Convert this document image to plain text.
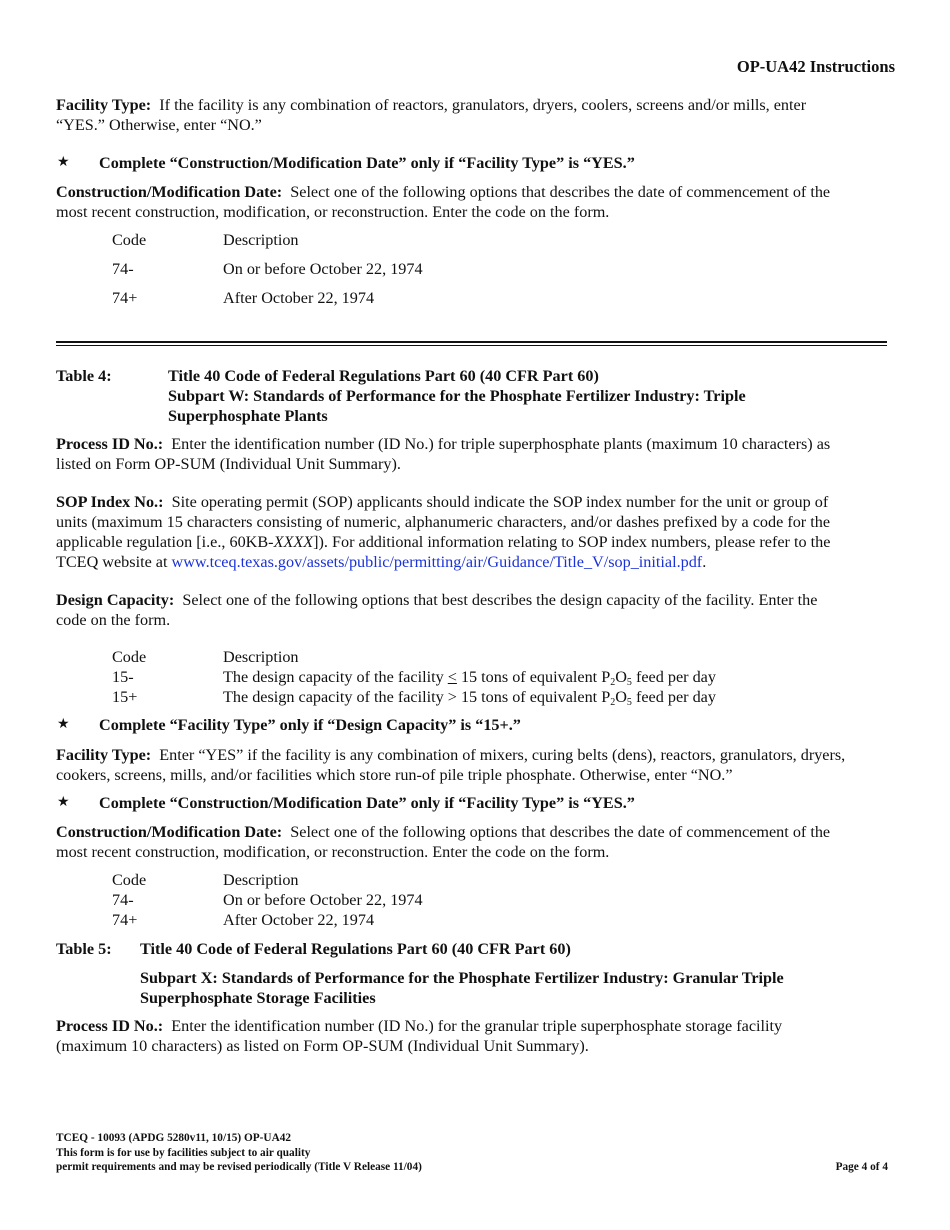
OP-UA42 Instructions
Facility Type: If the facility is any combination of reactors, granulators, dryers, coolers, screens and/or mills, enter
“YES.” Otherwise, enter “NO.”
★ Complete “Construction/Modification Date” only if “Facility Type” is “YES.”
Construction/Modification Date: Select one of the following options that describes the date of commencement of the
most recent construction, modification, or reconstruction. Enter the code on the form.
Code	Description
74-	On or before October 22, 1974
74+	After October 22, 1974
Table 4:	Title 40 Code of Federal Regulations Part 60 (40 CFR Part 60)
Subpart W: Standards of Performance for the Phosphate Fertilizer Industry: Triple
Superphosphate Plants
Process ID No.: Enter the identification number (ID No.) for triple superphosphate plants (maximum 10 characters) as
listed on Form OP-SUM (Individual Unit Summary).
SOP Index No.: Site operating permit (SOP) applicants should indicate the SOP index number for the unit or group of
units (maximum 15 characters consisting of numeric, alphanumeric characters, and/or dashes prefixed by a code for the
applicable regulation [i.e., 60KB-XXXX]). For additional information relating to SOP index numbers, please refer to the
TCEQ website at www.tceq.texas.gov/assets/public/permitting/air/Guidance/Title_V/sop_initial.pdf.
Design Capacity: Select one of the following options that best describes the design capacity of the facility. Enter the
code on the form.
Code	Description
15-	The design capacity of the facility < 15 tons of equivalent $P_2O_5$ feed per day
15+	The design capacity of the facility > 15 tons of equivalent $P_2O_5$ feed per day
★ Complete “Facility Type” only if “Design Capacity” is “15+.”
Facility Type: Enter “YES” if the facility is any combination of mixers, curing belts (dens), reactors, granulators, dryers,
cookers, screens, mills, and/or facilities which store run-of pile triple phosphate. Otherwise, enter “NO.”
★ Complete “Construction/Modification Date” only if “Facility Type” is “YES.”
Construction/Modification Date: Select one of the following options that describes the date of commencement of the
most recent construction, modification, or reconstruction. Enter the code on the form.
Code	Description
74-	On or before October 22, 1974
74+	After October 22, 1974
Table 5: Title 40 Code of Federal Regulations Part 60 (40 CFR Part 60)
Subpart X: Standards of Performance for the Phosphate Fertilizer Industry: Granular Triple
Superphosphate Storage Facilities
Process ID No.: Enter the identification number (ID No.) for the granular triple superphosphate storage facility
(maximum 10 characters) as listed on Form OP-SUM (Individual Unit Summary).
TCEQ - 10093 (APDG 5280v11, 10/15) OP-UA42
This form is for use by facilities subject to air quality
permit requirements and may be revised periodically (Title V Release 11/04)	Page 4 of 4
